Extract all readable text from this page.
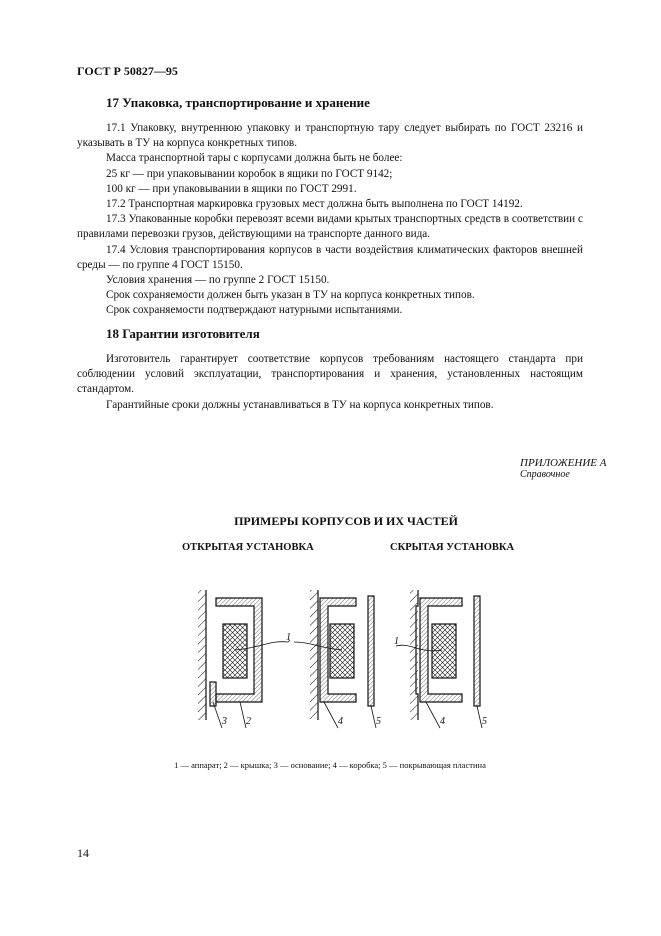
ГОСТ Р 50827—95
17 Упаковка, транспортирование и хранение

17.1 Упаковку, внутреннюю упаковку и транспортную тару следует выбирать по ГОСТ 23216 и указывать в ТУ на корпуса конкретных типов.

Масса транспортной тары с корпусами должна быть не более:

25 кг — при упаковывании коробок в ящики по ГОСТ 9142;

100 кг — при упаковывании в ящики по ГОСТ 2991.

17.2 Транспортная маркировка грузовых мест должна быть выполнена по ГОСТ 14192.

17.3 Упакованные коробки перевозят всеми видами крытых транспортных средств в соответствии с правилами перевозки грузов, действующими на транспорте данного вида.

17.4 Условия транспортирования корпусов в части воздействия климатических факторов внешней среды — по группе 4 ГОСТ 15150.

Условия хранения — по группе 2 ГОСТ 15150.

Срок сохраняемости должен быть указан в ТУ на корпуса конкретных типов.

Срок сохраняемости подтверждают натурными испытаниями.

18 Гарантии изготовителя

Изготовитель гарантирует соответствие корпусов требованиям настоящего стандарта при соблюдении условий эксплуатации, транспортирования и хранения, установленных настоящим стандартом.

Гарантийные сроки должны устанавливаться в ТУ на корпуса конкретных типов.

ПРИЛОЖЕНИЕ А
Справочное
ПРИМЕРЫ КОРПУСОВ И ИХ ЧАСТЕЙ
ОТКРЫТАЯ УСТАНОВКА	СКРЫТАЯ УСТАНОВКА
1	1
3 2	4	5	4	5
1 — аппарат; 2 — крышка; 3 — основание; 4 — коробка; 5 — покрывающая пластина
14
